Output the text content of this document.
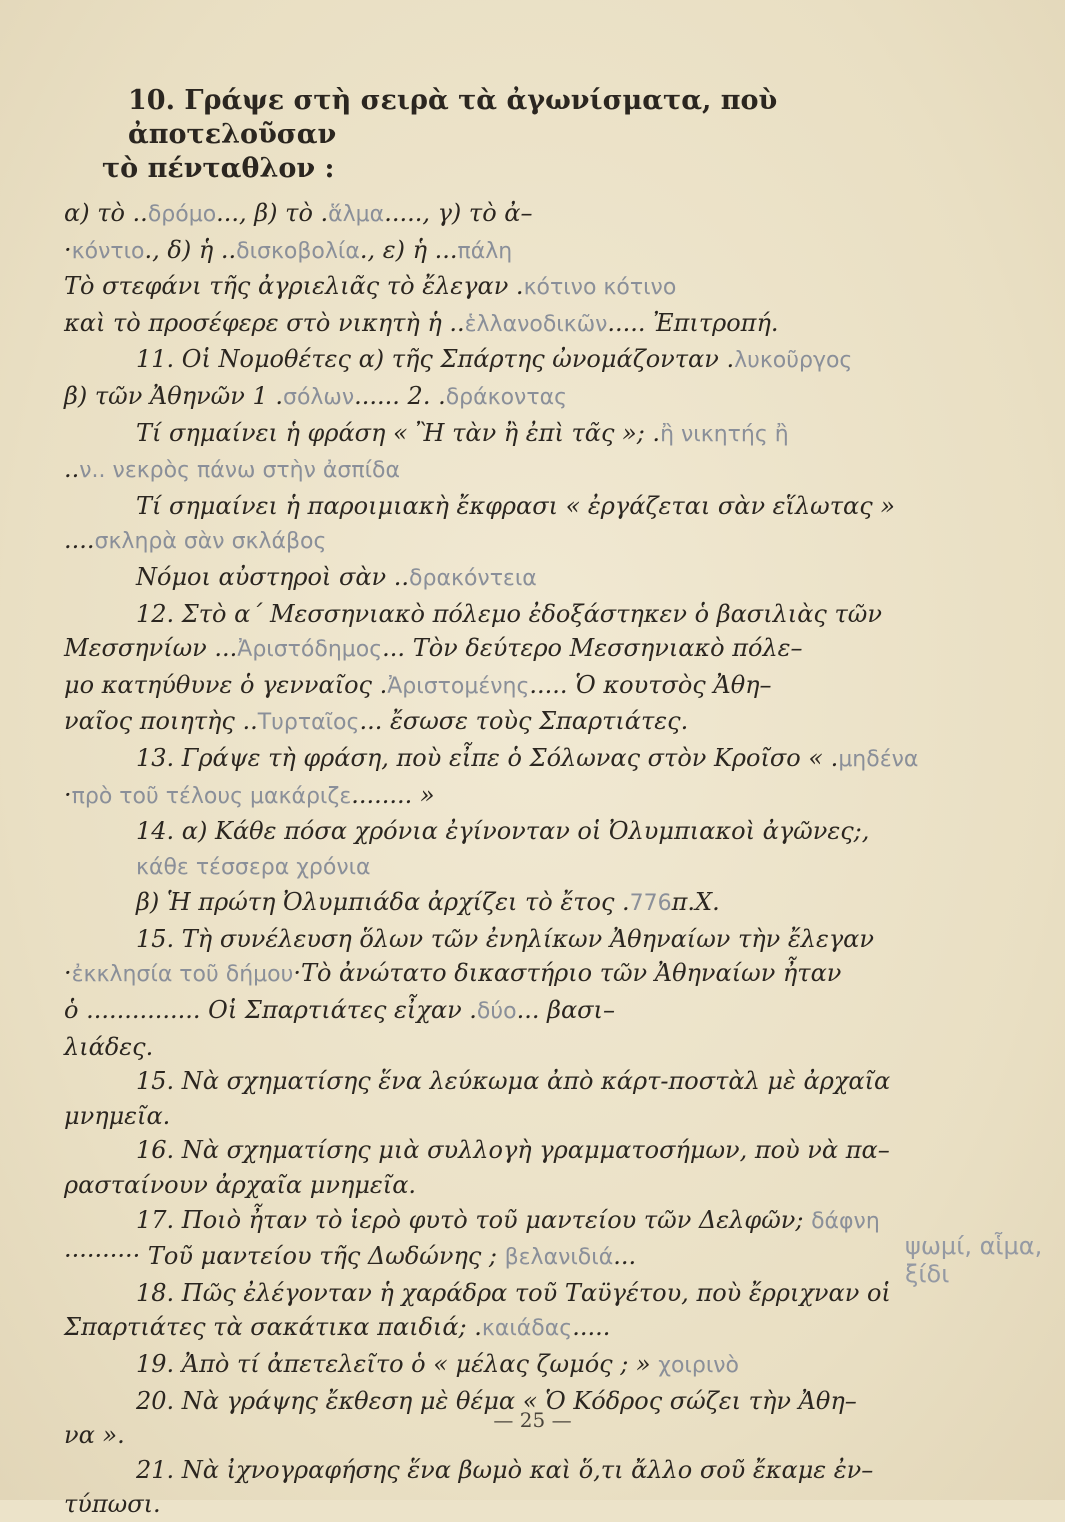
10. Γράψε στὴ σειρὰ τὰ ἀγωνίσματα, ποὺ ἀποτελοῦσαν
τὸ πένταθλον :
α) τὸ ..δρόμο..., β) τὸ .ἅλμα....., γ) τὸ ἀ–
·κόντιο., δ) ἡ ..δισκοβολία., ε) ἡ ...πάλη
Τὸ στεφάνι τῆς ἀγριελιᾶς τὸ ἔλεγαν .κότινο κότινο
καὶ τὸ προσέφερε στὸ νικητὴ ἡ ..ἑλλανοδικῶν..... Ἐπιτροπή.
11. Οἱ Νομοθέτες α) τῆς Σπάρτης ὠνομάζονταν .λυκοῦργος
β) τῶν Ἀθηνῶν 1 .σόλων...... 2. .δράκοντας
Τί σημαίνει ἡ φράση « Ἢ τὰν ἢ ἐπὶ τᾶς »; .ἢ νικητής ἢ
..ν.. νεκρὸς πάνω στὴν ἀσπίδα
Τί σημαίνει ἡ παροιμιακὴ ἔκφρασι « ἐργάζεται σὰν εἵλωτας »
....σκληρὰ σὰν σκλάβος
Νόμοι αὐστηροὶ σὰν ..δρακόντεια
12. Στὸ α΄ Μεσσηνιακὸ πόλεμο ἐδοξάστηκεν ὁ βασιλιὰς τῶν
Μεσσηνίων ...Ἀριστόδημος... Τὸν δεύτερο Μεσσηνιακὸ πόλε–
μο κατηύθυνε ὁ γενναῖος .Ἀριστομένης..... Ὁ κουτσὸς Ἀθη–
ναῖος ποιητὴς ..Τυρταῖος... ἔσωσε τοὺς Σπαρτιάτες.
13. Γράψε τὴ φράση, ποὺ εἶπε ὁ Σόλωνας στὸν Κροῖσο « .μηδένα
·πρὸ τοῦ τέλους μακάριζε........ »
14. α) Κάθε πόσα χρόνια ἐγίνονταν οἱ Ὀλυμπιακοὶ ἀγῶνες;,
κάθε τέσσερα χρόνια
β) Ἡ πρώτη Ὀλυμπιάδα ἀρχίζει τὸ ἔτος .776π.Χ.
15. Τὴ συνέλευση ὅλων τῶν ἐνηλίκων Ἀθηναίων τὴν ἔλεγαν
·ἐκκλησία τοῦ δήμου·Τὸ ἀνώτατο δικαστήριο τῶν Ἀθηναίων ἦταν
ὁ ............... Οἱ Σπαρτιάτες εἶχαν .δύο... βασι–
λιάδες.
15. Νὰ σχηματίσης ἕνα λεύκωμα ἀπὸ κάρτ-ποστὰλ μὲ ἀρχαῖα
μνημεῖα.
16. Νὰ σχηματίσης μιὰ συλλογὴ γραμματοσήμων, ποὺ νὰ πα–
ρασταίνουν ἀρχαῖα μνημεῖα.
17. Ποιὸ ἦταν τὸ ἱερὸ φυτὸ τοῦ μαντείου τῶν Δελφῶν; δάφνη
·········· Τοῦ μαντείου τῆς Δωδώνης ; βελανιδιά...
18. Πῶς ἐλέγονταν ἡ χαράδρα τοῦ Ταϋγέτου, ποὺ ἔρριχναν οἱ
Σπαρτιάτες τὰ σακάτικα παιδιά; .καιάδας.....
19. Ἀπὸ τί ἀπετελεῖτο ὁ « μέλας ζωμός ; » χοιρινὸ
20. Νὰ γράψης ἔκθεση μὲ θέμα « Ὁ Κόδρος σώζει τὴν Ἀθη–
να ».
21. Νὰ ἰχνογραφήσης ἕνα βωμὸ καὶ ὅ,τι ἄλλο σοῦ ἔκαμε ἐν–
τύπωσι.
ψωμί, αἷμα, ξίδι
— 25 —
